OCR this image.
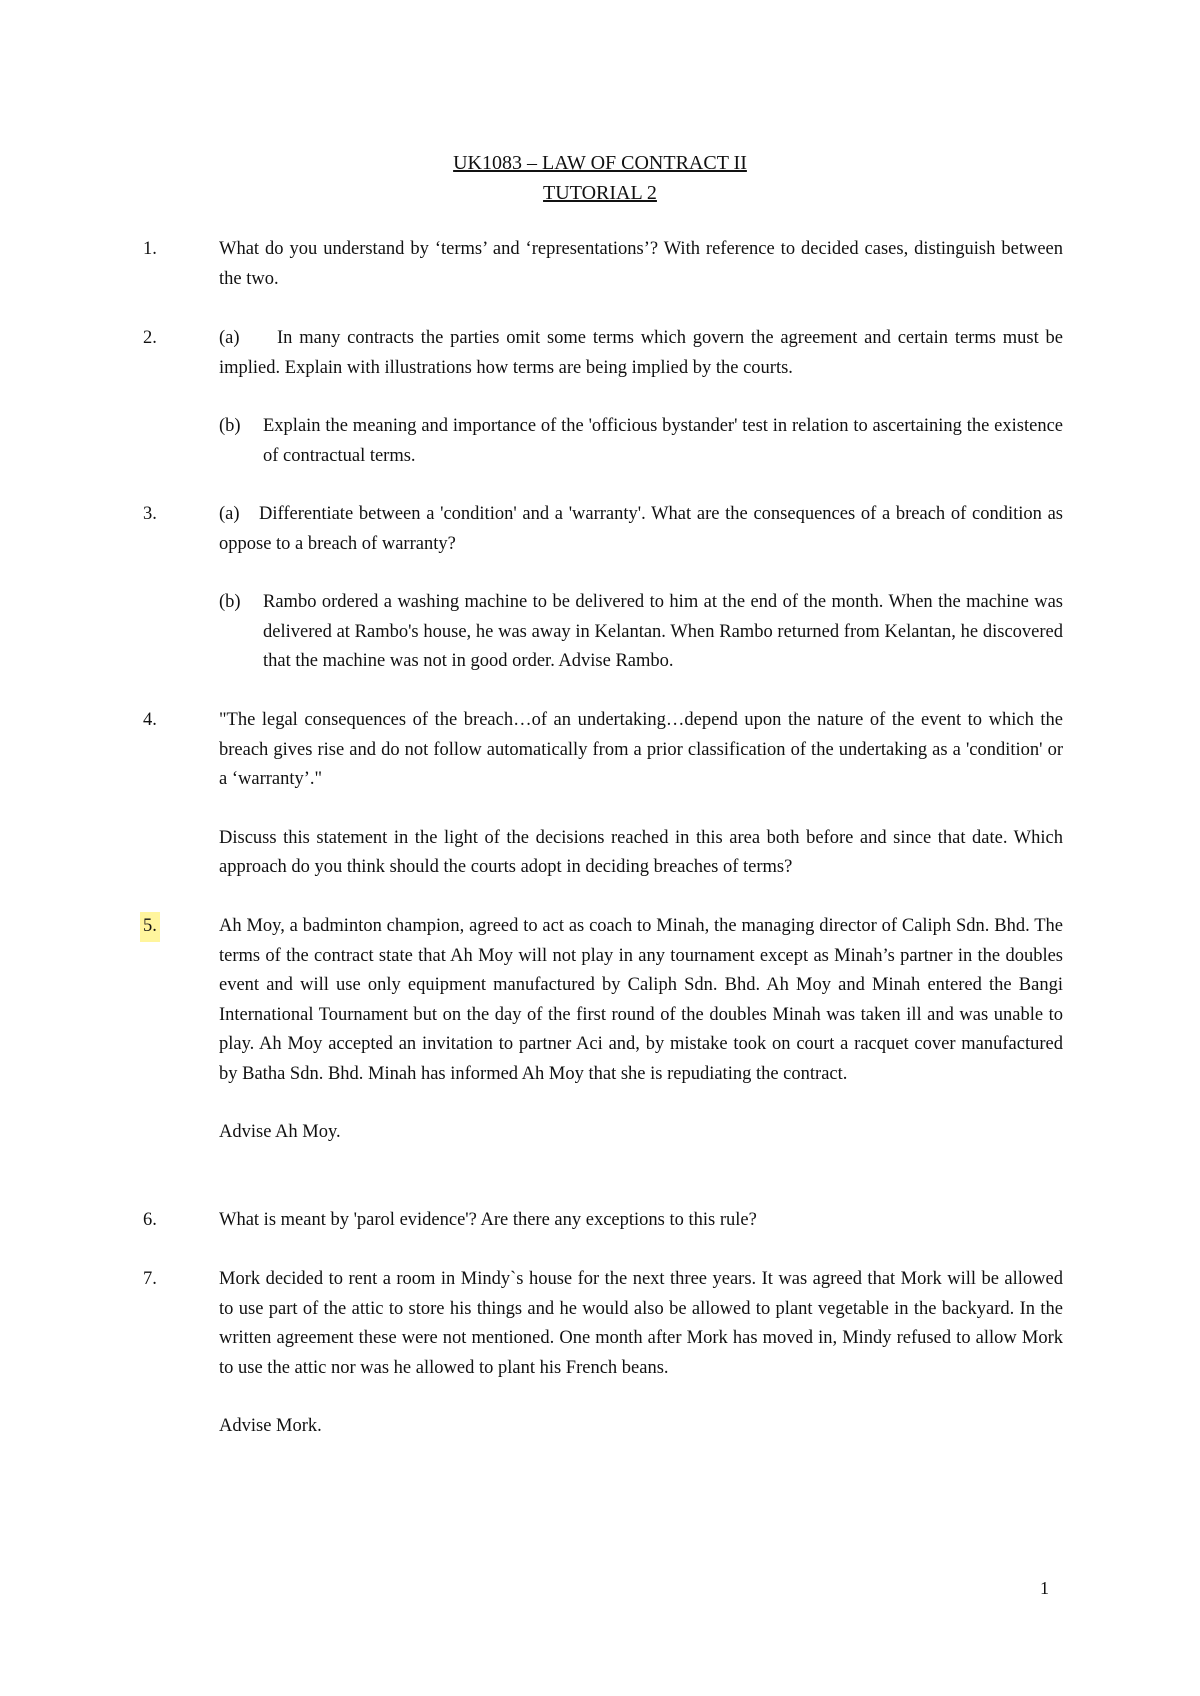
UK1083 – LAW OF CONTRACT II
TUTORIAL 2
1.	What do you understand by ‘terms’ and ‘representations’? With reference to decided cases, distinguish between the two.

2.	(a) In many contracts the parties omit some terms which govern the agreement and certain terms must be implied. Explain with illustrations how terms are being implied by the courts.

(b)	Explain the meaning and importance of the 'officious bystander' test in relation to ascertaining the existence of contractual terms.
3.	(a) Differentiate between a 'condition' and a 'warranty'. What are the consequences of a breach of condition as oppose to a breach of warranty?

(b)	Rambo ordered a washing machine to be delivered to him at the end of the month. When the machine was delivered at Rambo's house, he was away in Kelantan. When Rambo returned from Kelantan, he discovered that the machine was not in good order. Advise Rambo.
4.	"The legal consequences of the breach…of an undertaking…depend upon the nature of the event to which the breach gives rise and do not follow automatically from a prior classification of the undertaking as a 'condition' or a ‘warranty’."

Discuss this statement in the light of the decisions reached in this area both before and since that date. Which approach do you think should the courts adopt in deciding breaches of terms?

5.	Ah Moy, a badminton champion, agreed to act as coach to Minah, the managing director of Caliph Sdn. Bhd. The terms of the contract state that Ah Moy will not play in any tournament except as Minah’s partner in the doubles event and will use only equipment manufactured by Caliph Sdn. Bhd. Ah Moy and Minah entered the Bangi International Tournament but on the day of the first round of the doubles Minah was taken ill and was unable to play. Ah Moy accepted an invitation to partner Aci and, by mistake took on court a racquet cover manufactured by Batha Sdn. Bhd. Minah has informed Ah Moy that she is repudiating the contract.

Advise Ah Moy.

6.	What is meant by 'parol evidence'? Are there any exceptions to this rule?

7.	Mork decided to rent a room in Mindy`s house for the next three years. It was agreed that Mork will be allowed to use part of the attic to store his things and he would also be allowed to plant vegetable in the backyard. In the written agreement these were not mentioned. One month after Mork has moved in, Mindy refused to allow Mork to use the attic nor was he allowed to plant his French beans.

Advise Mork.

1
